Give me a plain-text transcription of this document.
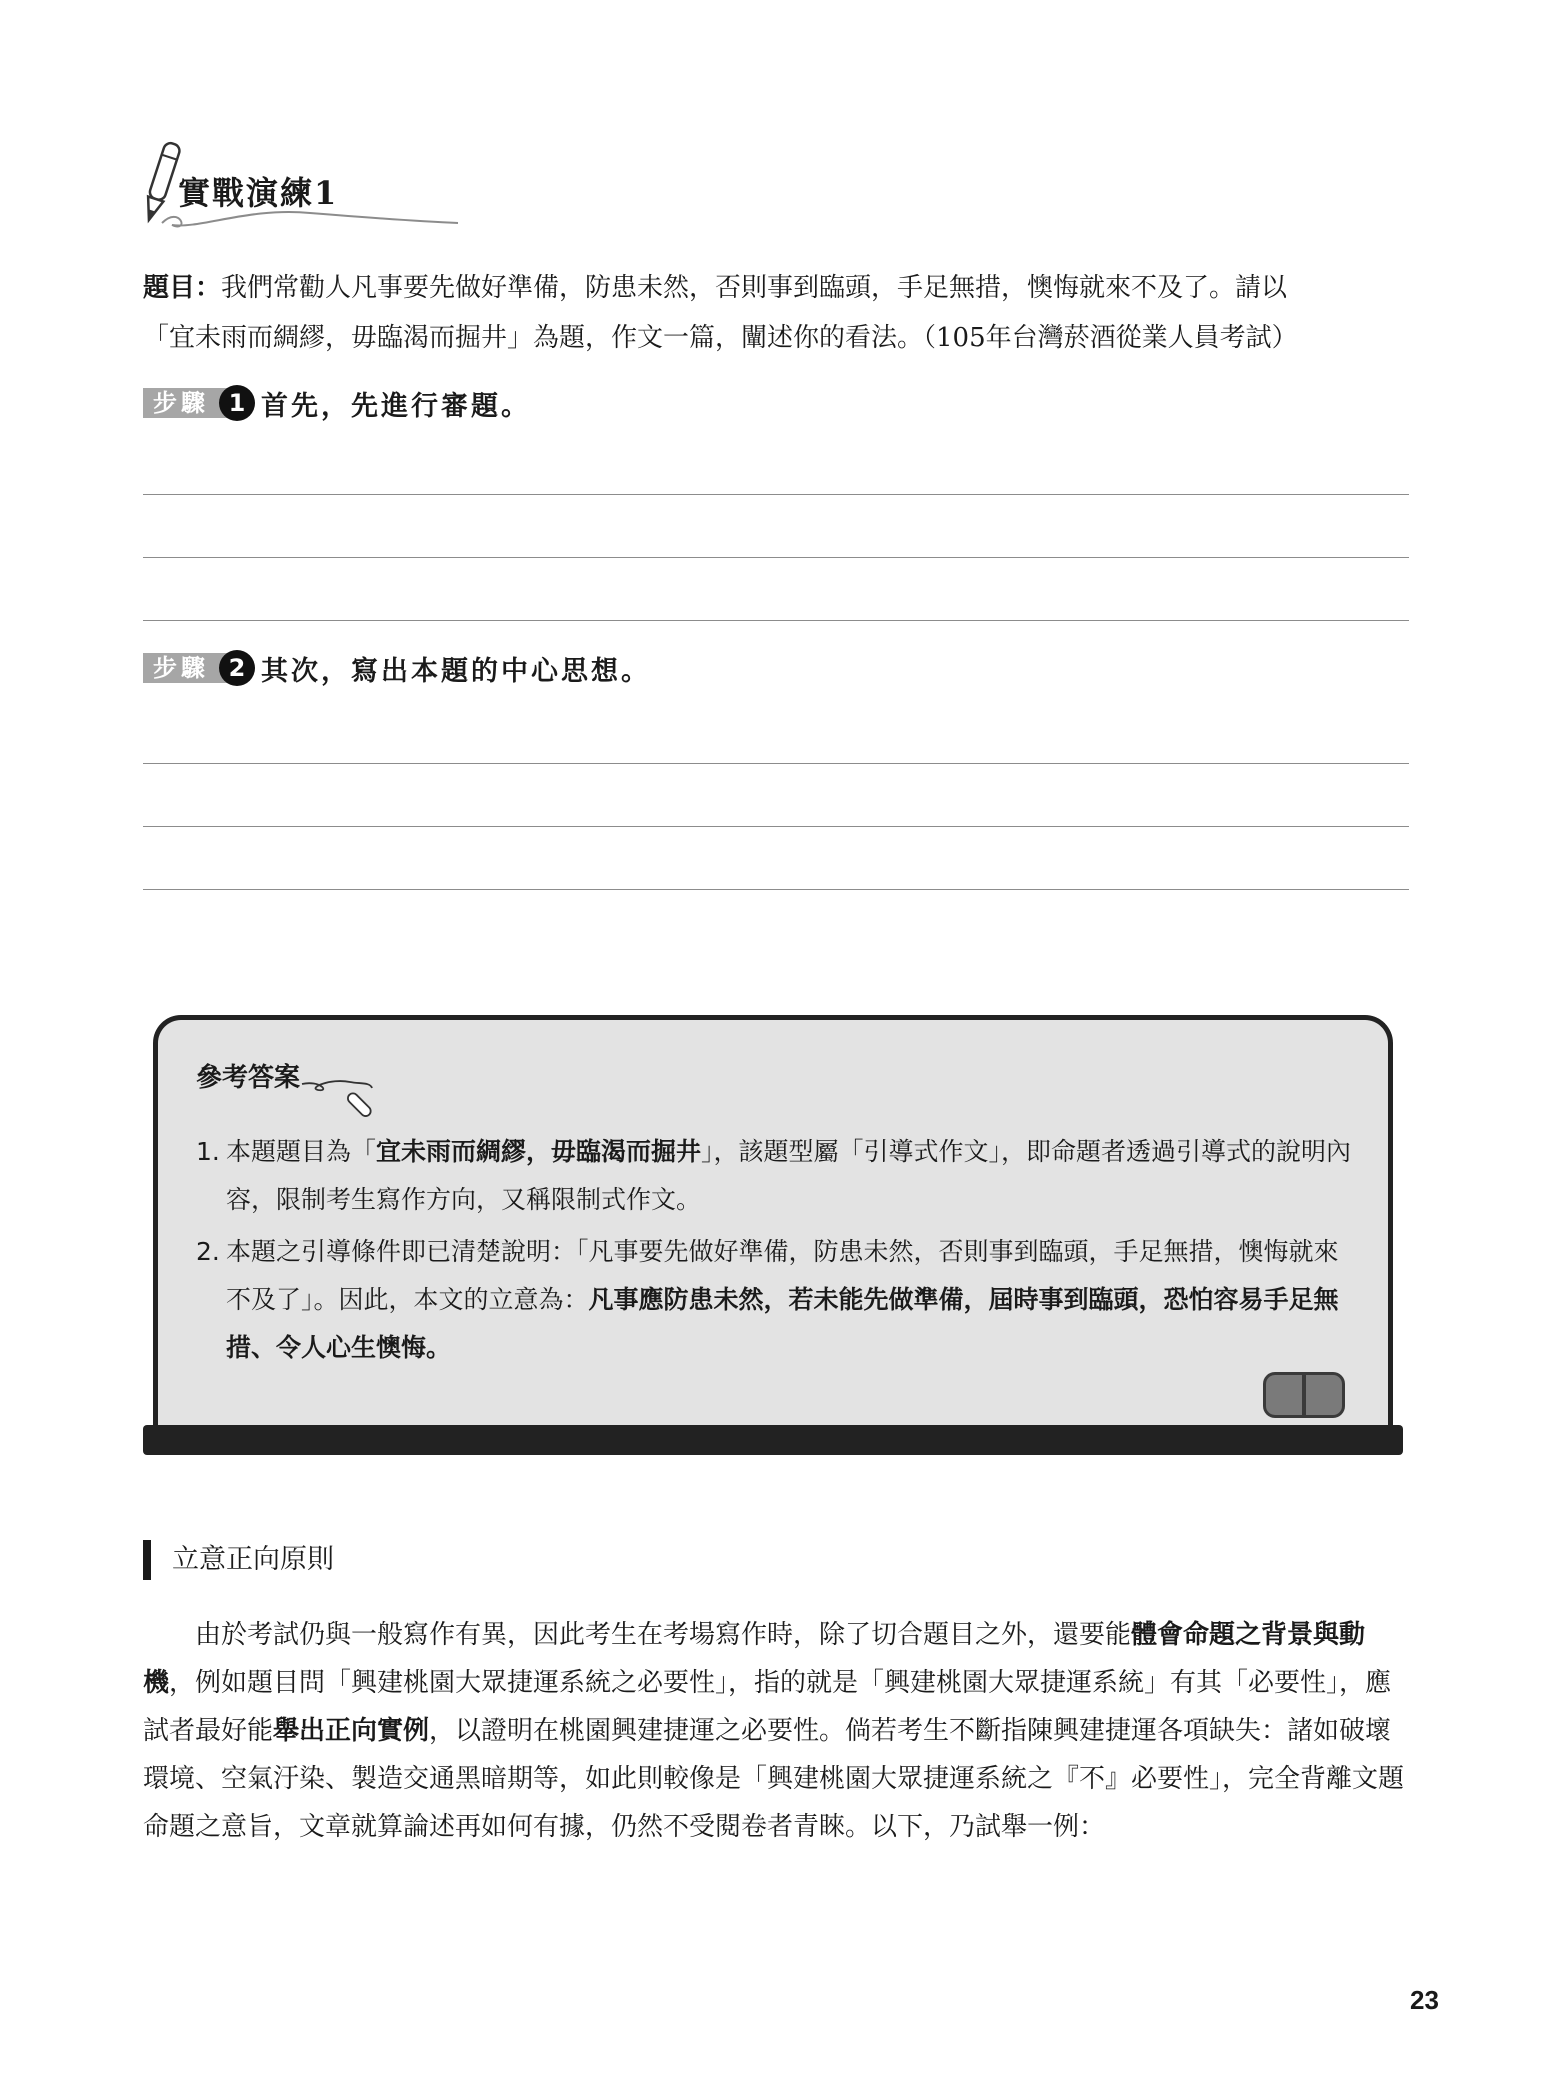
實戰演練1

題目：我們常勸人凡事要先做好準備，防患未然，否則事到臨頭，手足無措，懊悔就來不及了。請以

「宜未雨而綢繆，毋臨渴而掘井」為題，作文一篇，闡述你的看法。（105年台灣菸酒從業人員考試）

步驟 1 首先，先進行審題。
步驟 2 其次，寫出本題的中心思想。
參考答案
1. 本題題目為「宜未雨而綢繆，毋臨渴而掘井」，該題型屬「引導式作文」，即命題者透過引導式的說明內容，限制考生寫作方向，又稱限制式作文。
2. 本題之引導條件即已清楚說明：「凡事要先做好準備，防患未然，否則事到臨頭，手足無措，懊悔就來不及了」。因此，本文的立意為：凡事應防患未然，若未能先做準備，屆時事到臨頭，恐怕容易手足無措、令人心生懊悔。
立意正向原則

由於考試仍與一般寫作有異，因此考生在考場寫作時，除了切合題目之外，還要能體會命題之背景與動機，例如題目問「興建桃園大眾捷運系統之必要性」，指的就是「興建桃園大眾捷運系統」有其「必要性」，應試者最好能舉出正向實例，以證明在桃園興建捷運之必要性。倘若考生不斷指陳興建捷運各項缺失：諸如破壞環境、空氣汙染、製造交通黑暗期等，如此則較像是「興建桃園大眾捷運系統之『不』必要性」，完全背離文題命題之意旨，文章就算論述再如何有據，仍然不受閱卷者青睞。以下，乃試舉一例：

23
